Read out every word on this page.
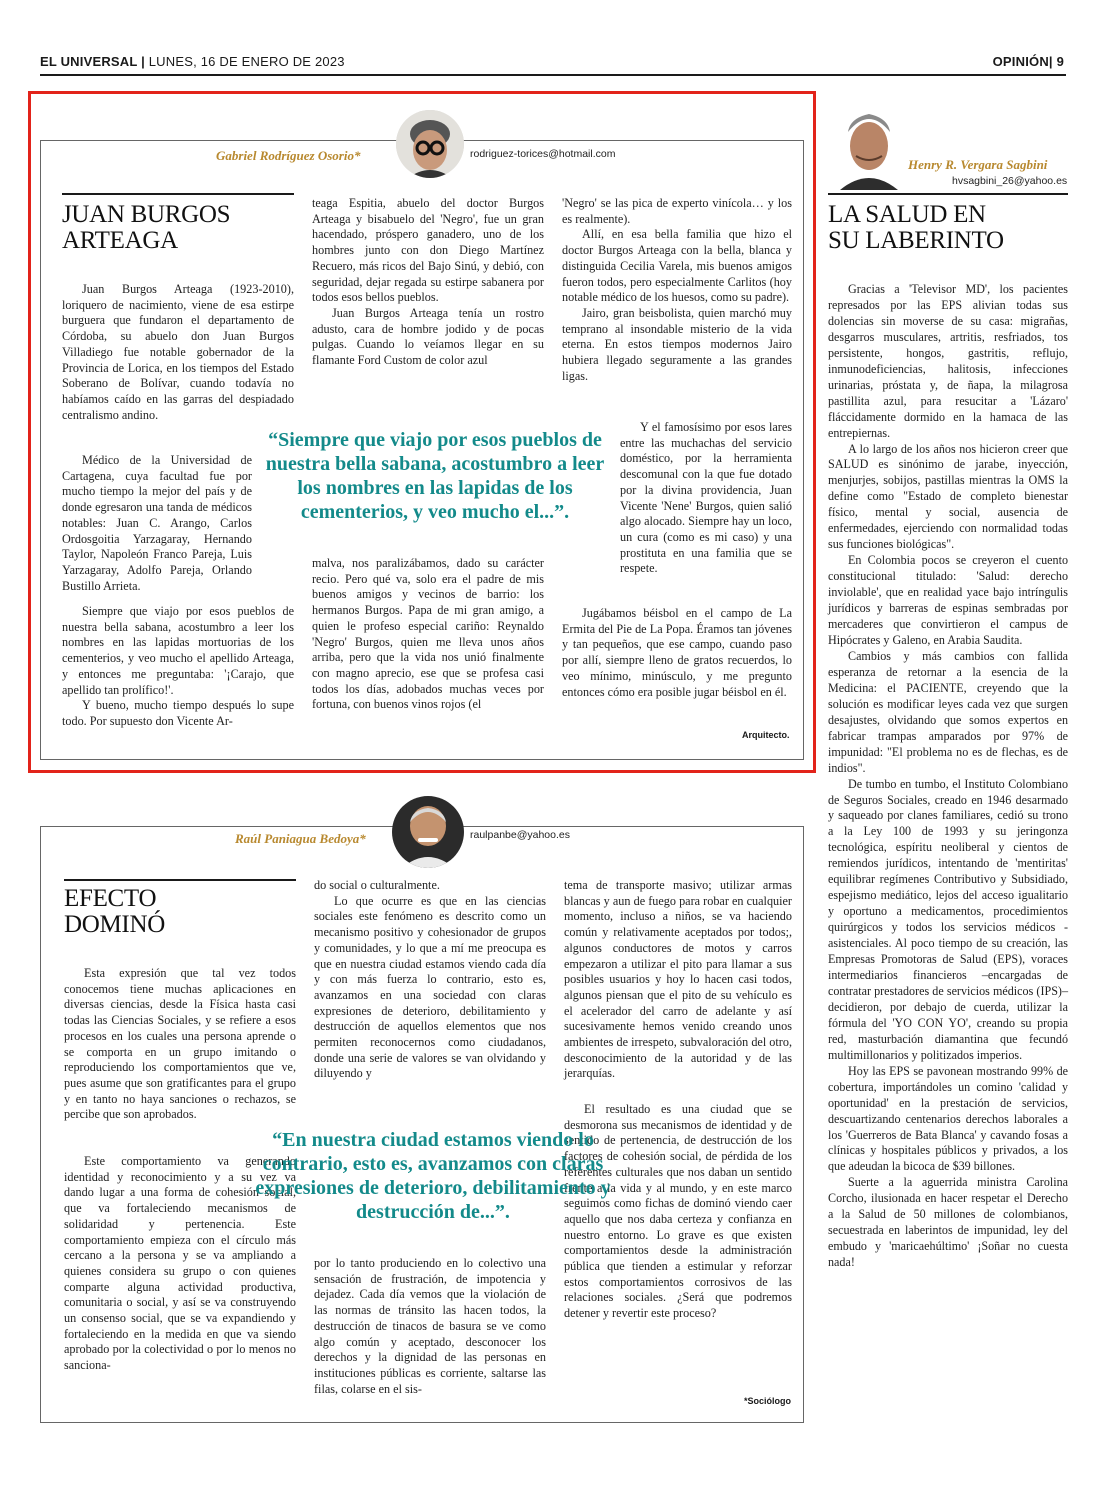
EL UNIVERSAL | LUNES, 16 DE ENERO DE 2023	OPINIÓN| 9
Gabriel Rodríguez Osorio*	rodriguez-torices@hotmail.com
JUAN BURGOS
ARTEAGA

Juan Burgos Arteaga (1923-2010), loriquero de nacimiento, viene de esa estirpe burguera que fundaron el departamento de Córdoba, su abuelo don Juan Burgos Villadiego fue notable gobernador de la Provincia de Lorica, en los tiempos del Estado Soberano de Bolívar, cuando todavía no habíamos caído en las garras del despiadado centralismo andino.

Médico de la Universidad de Cartagena, cuya facultad fue por mucho tiempo la mejor del país y de donde egresaron una tanda de médicos notables: Juan C. Arango, Carlos Ordosgoitia Yarzagaray, Hernando Taylor, Napoleón Franco Pareja, Luis Yarzagaray, Adolfo Pareja, Orlando Bustillo Arrieta.

Siempre que viajo por esos pueblos de nuestra bella sabana, acostumbro a leer los nombres en las lapidas mortuorias de los cementerios, y veo mucho el apellido Arteaga, y entonces me preguntaba: '¡Carajo, que apellido tan prolífico!'.

Y bueno, mucho tiempo después lo supe todo. Por supuesto don Vicente Ar-

teaga Espitia, abuelo del doctor Burgos Arteaga y bisabuelo del 'Negro', fue un gran hacendado, próspero ganadero, uno de los hombres junto con don Diego Martínez Recuero, más ricos del Bajo Sinú, y debió, con seguridad, dejar regada su estirpe sabanera por todos esos bellos pueblos.

Juan Burgos Arteaga tenía un rostro adusto, cara de hombre jodido y de pocas pulgas. Cuando lo veíamos llegar en su flamante Ford Custom de color azul

malva, nos paralizábamos, dado su carácter recio. Pero qué va, solo era el padre de mis buenos amigos y vecinos de barrio: los hermanos Burgos. Papa de mi gran amigo, a quien le profeso especial cariño: Reynaldo 'Negro' Burgos, quien me lleva unos años arriba, pero que la vida nos unió finalmente con magno aprecio, ese que se profesa casi todos los días, adobados muchas veces por fortuna, con buenos vinos rojos (el

'Negro' se las pica de experto vinícola… y los es realmente).

Allí, en esa bella familia que hizo el doctor Burgos Arteaga con la bella, blanca y distinguida Cecilia Varela, mis buenos amigos fueron todos, pero especialmente Carlitos (hoy notable médico de los huesos, como su padre).

Jairo, gran beisbolista, quien marchó muy temprano al insondable misterio de la vida eterna. En estos tiempos modernos Jairo hubiera llegado seguramente a las grandes ligas.

Y el famosísimo por esos lares entre las muchachas del servicio doméstico, por la herramienta descomunal con la que fue dotado por la divina providencia, Juan Vicente 'Nene' Burgos, quien salió algo alocado. Siempre hay un loco, un cura (como es mi caso) y una prostituta en una familia que se respete.

Jugábamos béisbol en el campo de La Ermita del Pie de La Popa. Éramos tan jóvenes y tan pequeños, que ese campo, cuando paso por allí, siempre lleno de gratos recuerdos, lo veo mínimo, minúsculo, y me pregunto entonces cómo era posible jugar béisbol en él.

Arquitecto.
“Siempre que viajo por esos pueblos de nuestra bella sabana, acostumbro a leer los nombres en las lapidas de los cementerios, y veo mucho el...”.
Raúl Paniagua Bedoya*	raulpanbe@yahoo.es
EFECTO
DOMINÓ

Esta expresión que tal vez todos conocemos tiene muchas aplicaciones en diversas ciencias, desde la Física hasta casi todas las Ciencias Sociales, y se refiere a esos procesos en los cuales una persona aprende o se comporta en un grupo imitando o reproduciendo los comportamientos que ve, pues asume que son gratificantes para el grupo y en tanto no haya sanciones o rechazos, se percibe que son aprobados.

Este comportamiento va generando identidad y reconocimiento y a su vez va dando lugar a una forma de cohesión social, que va fortaleciendo mecanismos de solidaridad y pertenencia. Este comportamiento empieza con el círculo más cercano a la persona y se va ampliando a quienes considera su grupo o con quienes comparte alguna actividad productiva, comunitaria o social, y así se va construyendo un consenso social, que se va expandiendo y fortaleciendo en la medida en que va siendo aprobado por la colectividad o por lo menos no sanciona-

do social o culturalmente.

Lo que ocurre es que en las ciencias sociales este fenómeno es descrito como un mecanismo positivo y cohesionador de grupos y comunidades, y lo que a mí me preocupa es que en nuestra ciudad estamos viendo cada día y con más fuerza lo contrario, esto es, avanzamos en una sociedad con claras expresiones de deterioro, debilitamiento y destrucción de aquellos elementos que nos permiten reconocernos como ciudadanos, donde una serie de valores se van olvidando y diluyendo y

por lo tanto produciendo en lo colectivo una sensación de frustración, de impotencia y dejadez. Cada día vemos que la violación de las normas de tránsito las hacen todos, la destrucción de tinacos de basura se ve como algo común y aceptado, desconocer los derechos y la dignidad de las personas en instituciones públicas es corriente, saltarse las filas, colarse en el sis-

tema de transporte masivo; utilizar armas blancas y aun de fuego para robar en cualquier momento, incluso a niños, se va haciendo común y relativamente aceptados por todos;, algunos conductores de motos y carros empezaron a utilizar el pito para llamar a sus posibles usuarios y hoy lo hacen casi todos, algunos piensan que el pito de su vehículo es el acelerador del carro de adelante y así sucesivamente hemos venido creando unos ambientes de irrespeto, subvaloración del otro, desconocimiento de la autoridad y de las jerarquías.

El resultado es una ciudad que se desmorona sus mecanismos de identidad y de sentido de pertenencia, de destrucción de los factores de cohesión social, de pérdida de los referentes culturales que nos daban un sentido frente a la vida y al mundo, y en este marco seguimos como fichas de dominó viendo caer aquello que nos daba certeza y confianza en nuestro entorno. Lo grave es que existen comportamientos desde la administración pública que tienden a estimular y reforzar estos comportamientos corrosivos de las relaciones sociales. ¿Será que podremos detener y revertir este proceso?

*Sociólogo
“En nuestra ciudad estamos viendo lo contrario, esto es, avanzamos con claras expresiones de deterioro, debilitamiento y destrucción de...”.
Henry R. Vergara Sagbini
hvsagbini_26@yahoo.es
LA SALUD EN
SU LABERINTO

Gracias a 'Televisor MD', los pacientes represados por las EPS alivian todas sus dolencias sin moverse de su casa: migrañas, desgarros musculares, artritis, resfriados, tos persistente, hongos, gastritis, reflujo, inmunodeficiencias, halitosis, infecciones urinarias, próstata y, de ñapa, la milagrosa pastillita azul, para resucitar a 'Lázaro' fláccidamente dormido en la hamaca de las entrepiernas.

A lo largo de los años nos hicieron creer que SALUD es sinónimo de jarabe, inyección, menjurjes, sobijos, pastillas mientras la OMS la define como "Estado de completo bienestar físico, mental y social, ausencia de enfermedades, ejerciendo con normalidad todas sus funciones biológicas".

En Colombia pocos se creyeron el cuento constitucional titulado: 'Salud: derecho inviolable', que en realidad yace bajo intríngulis jurídicos y barreras de espinas sembradas por mercaderes que convirtieron el campus de Hipócrates y Galeno, en Arabia Saudita.

Cambios y más cambios con fallida esperanza de retornar a la esencia de la Medicina: el PACIENTE, creyendo que la solución es modificar leyes cada vez que surgen desajustes, olvidando que somos expertos en fabricar trampas amparados por 97% de impunidad: "El problema no es de flechas, es de indios".

De tumbo en tumbo, el Instituto Colombiano de Seguros Sociales, creado en 1946 desarmado y saqueado por clanes familiares, cedió su trono a la Ley 100 de 1993 y su jeringonza tecnológica, espíritu neoliberal y cientos de remiendos jurídicos, intentando de 'mentiritas' equilibrar regímenes Contributivo y Subsidiado, espejismo mediático, lejos del acceso igualitario y oportuno a medicamentos, procedimientos quirúrgicos y todos los servicios médicos - asistenciales. Al poco tiempo de su creación, las Empresas Promotoras de Salud (EPS), voraces intermediarios financieros –encargadas de contratar prestadores de servicios médicos (IPS)– decidieron, por debajo de cuerda, utilizar la fórmula del 'YO CON YO', creando su propia red, masturbación diamantina que fecundó multimillonarios y politizados imperios.

Hoy las EPS se pavonean mostrando 99% de cobertura, importándoles un comino 'calidad y oportunidad' en la prestación de servicios, descuartizando centenarios derechos laborales a los 'Guerreros de Bata Blanca' y cavando fosas a clínicas y hospitales públicos y privados, a los que adeudan la bicoca de $39 billones.

Suerte a la aguerrida ministra Carolina Corcho, ilusionada en hacer respetar el Derecho a la Salud de 50 millones de colombianos, secuestrada en laberintos de impunidad, ley del embudo y 'maricaehúltimo' ¡Soñar no cuesta nada!
